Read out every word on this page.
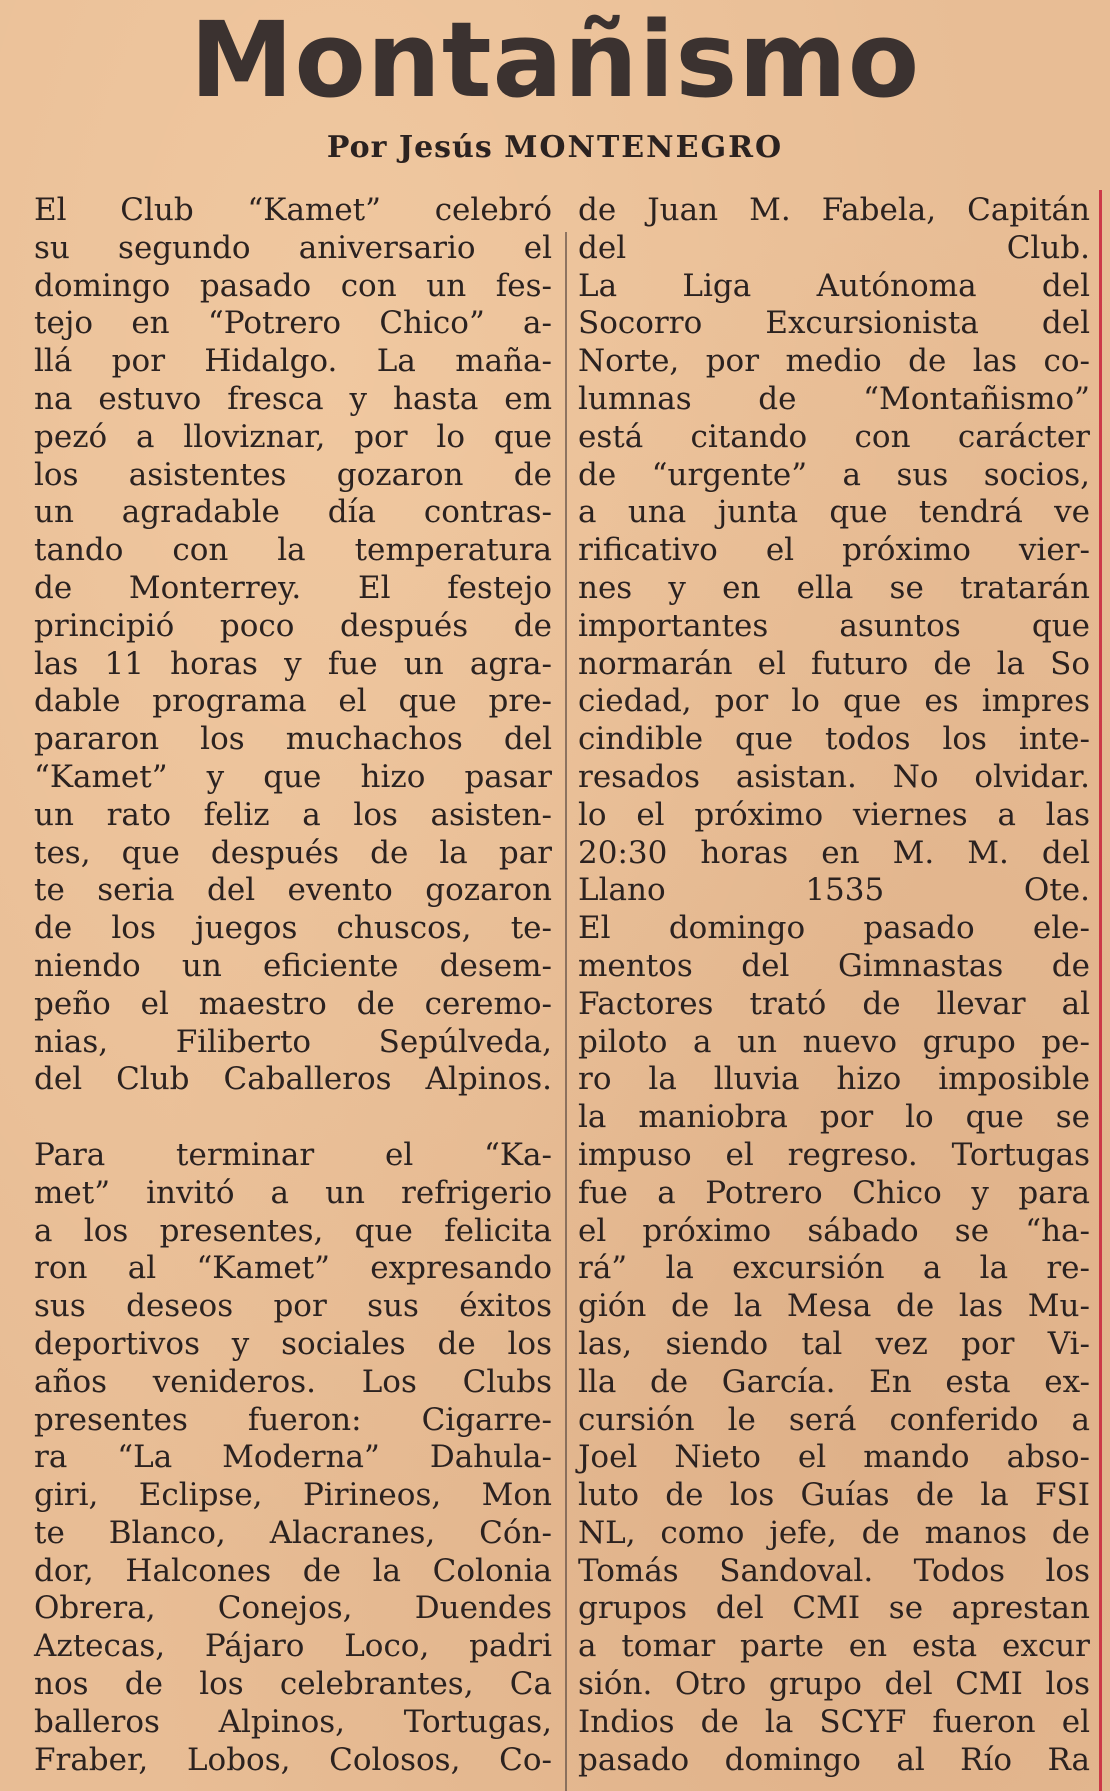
Montañismo
Por Jesús MONTENEGRO
El Club “Kamet” celebró
su segundo aniversario el
domingo pasado con un fes-
tejo en “Potrero Chico” a-
llá por Hidalgo. La maña-
na estuvo fresca y hasta em
pezó a lloviznar, por lo que
los asistentes gozaron de
un agradable día contras-
tando con la temperatura
de Monterrey. El festejo
principió poco después de
las 11 horas y fue un agra-
dable programa el que pre-
pararon los muchachos del
“Kamet” y que hizo pasar
un rato feliz a los asisten-
tes, que después de la par
te seria del evento gozaron
de los juegos chuscos, te-
niendo un eficiente desem-
peño el maestro de ceremo-
nias, Filiberto Sepúlveda,
del Club Caballeros Alpinos.
Para terminar el “Ka-
met” invitó a un refrigerio
a los presentes, que felicita
ron al “Kamet” expresando
sus deseos por sus éxitos
deportivos y sociales de los
años venideros. Los Clubs
presentes fueron: Cigarre-
ra “La Moderna” Dahula-
giri, Eclipse, Pirineos, Mon
te Blanco, Alacranes, Cón-
dor, Halcones de la Colonia
Obrera, Conejos, Duendes
Aztecas, Pájaro Loco, padri
nos de los celebrantes, Ca
balleros Alpinos, Tortugas,
Fraber, Lobos, Colosos, Co-
de Juan M. Fabela, Capitán
del Club.
La Liga Autónoma del
Socorro Excursionista del
Norte, por medio de las co-
lumnas de “Montañismo”
está citando con carácter
de “urgente” a sus socios,
a una junta que tendrá ve
rificativo el próximo vier-
nes y en ella se tratarán
importantes asuntos que
normarán el futuro de la So
ciedad, por lo que es impres
cindible que todos los inte-
resados asistan. No olvidar.
lo el próximo viernes a las
20:30 horas en M. M. del
Llano 1535 Ote.
El domingo pasado ele-
mentos del Gimnastas de
Factores trató de llevar al
piloto a un nuevo grupo pe-
ro la lluvia hizo imposible
la maniobra por lo que se
impuso el regreso. Tortugas
fue a Potrero Chico y para
el próximo sábado se “ha-
rá” la excursión a la re-
gión de la Mesa de las Mu-
las, siendo tal vez por Vi-
lla de García. En esta ex-
cursión le será conferido a
Joel Nieto el mando abso-
luto de los Guías de la FSI
NL, como jefe, de manos de
Tomás Sandoval. Todos los
grupos del CMI se aprestan
a tomar parte en esta excur
sión. Otro grupo del CMI los
Indios de la SCYF fueron el
pasado domingo al Río Ra
